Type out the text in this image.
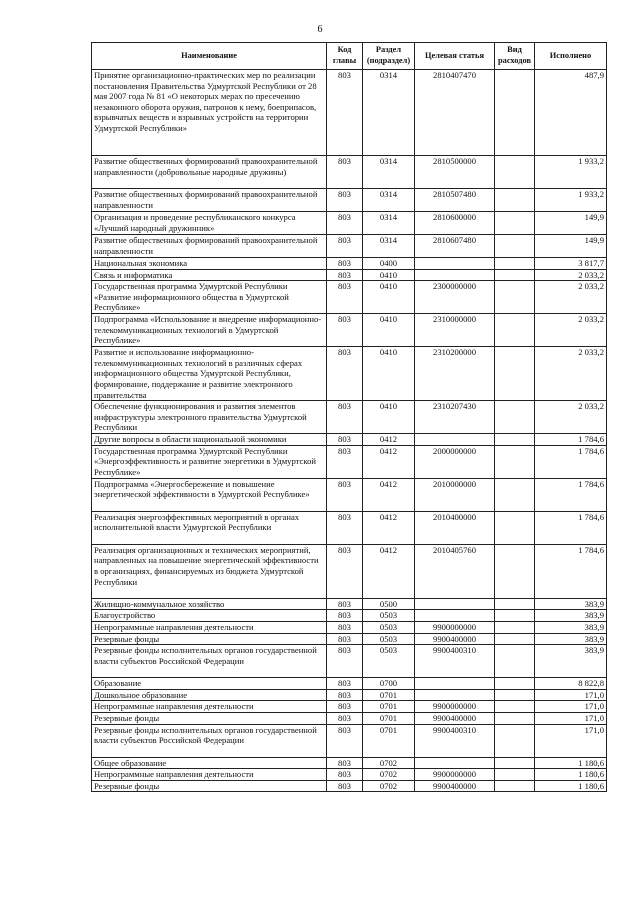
6
Наименование	Код главы	Раздел (подраздел)	Целевая статья	Вид расходов	Исполнено
Принятие организационно-практических мер по реализации постановления Правительства Удмуртской Республики от 28 мая 2007 года № 81 «О некоторых мерах по пресечению незаконного оборота оружия, патронов к нему, боеприпасов, взрывчатых веществ и взрывных устройств на территории Удмуртской Республики»	803	0314	2810407470		487,9
Развитие общественных формирований правоохранительной направленности (добровольные народные дружины)	803	0314	2810500000		1 933,2
Развитие общественных формирований правоохранительной направленности	803	0314	2810507480		1 933,2
Организация и проведение республиканского конкурса «Лучший народный дружинник»	803	0314	2810600000		149,9
Развитие общественных формирований правоохранительной направленности	803	0314	2810607480		149,9
Национальная экономика	803	0400			3 817,7
Связь и информатика	803	0410			2 033,2
Государственная программа Удмуртской Республики «Развитие информационного общества в Удмуртской Республике»	803	0410	2300000000		2 033,2
Подпрограмма «Использование и внедрение информационно-телекоммуникационных технологий в Удмуртской Республике»	803	0410	2310000000		2 033,2
Развитие и использование информационно-телекоммуникационных технологий в различных сферах информационного общества Удмуртской Республики, формирование, поддержание и развитие электронного правительства	803	0410	2310200000		2 033,2
Обеспечение функционирования и развития элементов инфраструктуры электронного правительства Удмуртской Республики	803	0410	2310207430		2 033,2
Другие вопросы в области национальной экономики	803	0412			1 784,6
Государственная программа Удмуртской Республики «Энергоэффективность и развитие энергетики в Удмуртской Республике»	803	0412	2000000000		1 784,6
Подпрограмма «Энергосбережение и повышение энергетической эффективности в Удмуртской Республике»	803	0412	2010000000		1 784,6
Реализация энергоэффективных мероприятий в органах исполнительной власти Удмуртской Республики	803	0412	2010400000		1 784,6
Реализация организационных и технических мероприятий, направленных на повышение энергетической эффективности в организациях, финансируемых из бюджета Удмуртской Республики	803	0412	2010405760		1 784,6
Жилищно-коммунальное хозяйство	803	0500			383,9
Благоустройство	803	0503			383,9
Непрограммные направления деятельности	803	0503	9900000000		383,9
Резервные фонды	803	0503	9900400000		383,9
Резервные фонды исполнительных органов государственной власти субъектов Российской Федерации	803	0503	9900400310		383,9
Образование	803	0700			8 822,8
Дошкольное образование	803	0701			171,0
Непрограммные направления деятельности	803	0701	9900000000		171,0
Резервные фонды	803	0701	9900400000		171,0
Резервные фонды исполнительных органов государственной власти субъектов Российской Федерации	803	0701	9900400310		171,0
Общее образование	803	0702			1 180,6
Непрограммные направления деятельности	803	0702	9900000000		1 180,6
Резервные фонды	803	0702	9900400000		1 180,6
